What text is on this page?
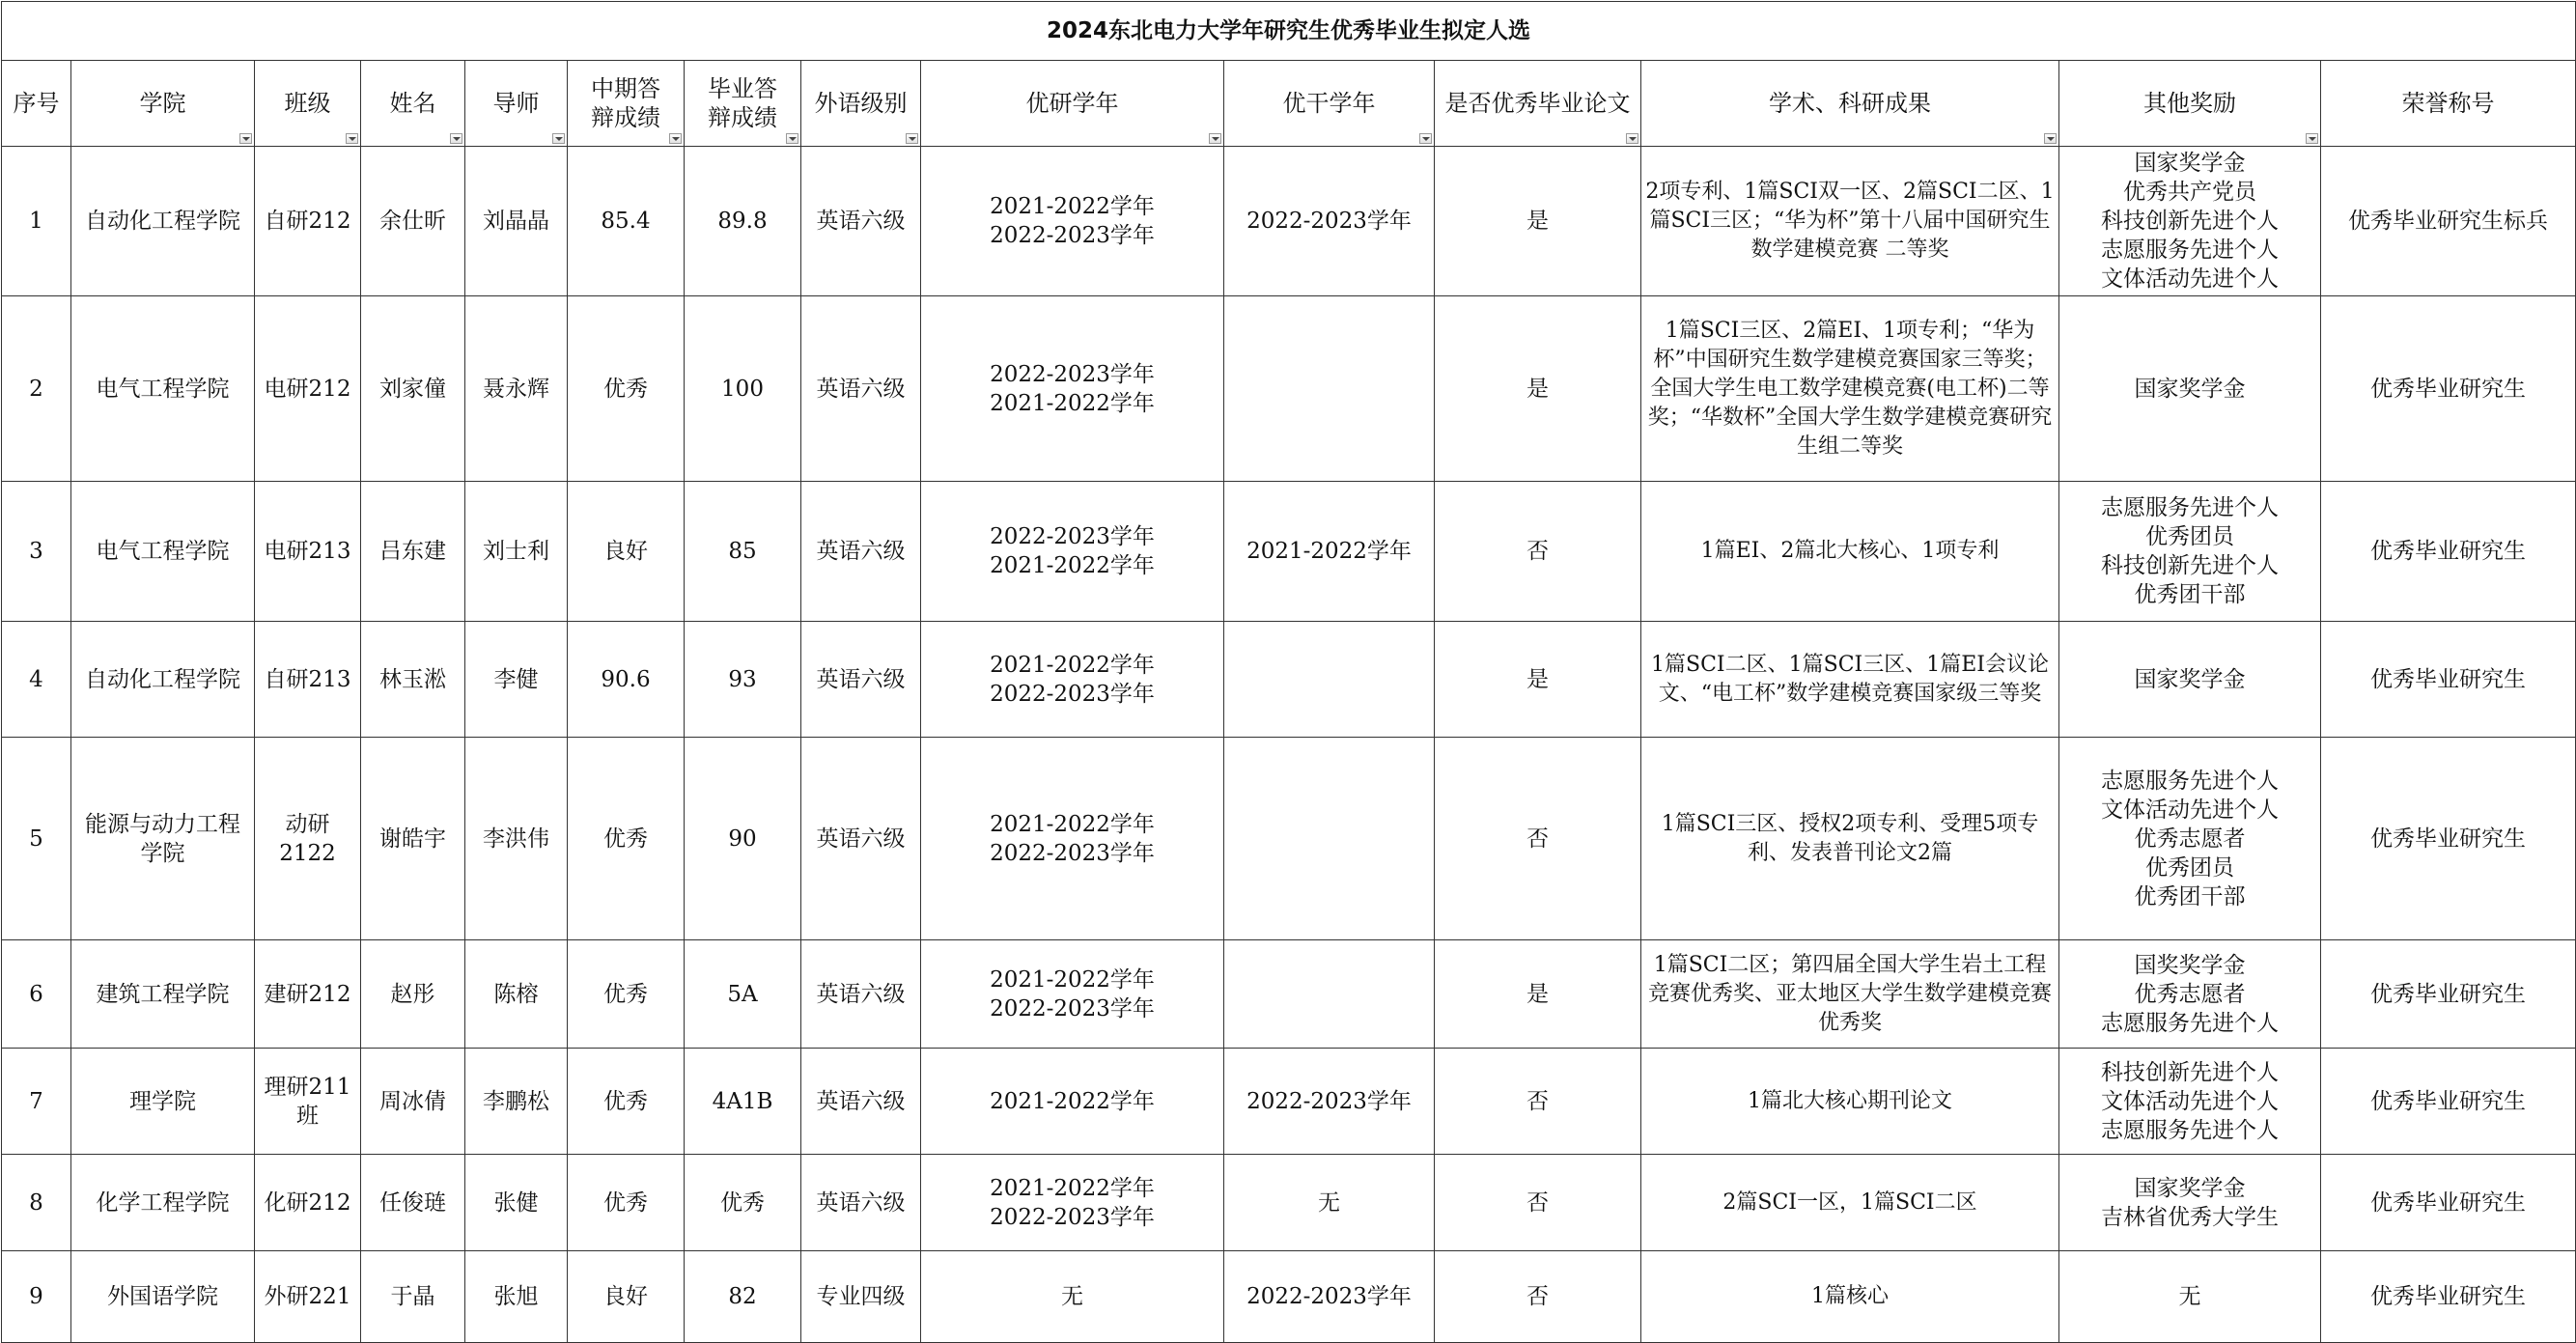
2024东北电力大学年研究生优秀毕业生拟定人选													

序号	学院	班级	姓名	导师	中期答辩成绩	毕业答辩成绩	外语级别	优研学年	优干学年	是否优秀毕业论文	学术、科研成果	其他奖励	荣誉称号

1	自动化工程学院	自研212	余仕昕	刘晶晶	85.4	89.8	英语六级	2021-2022学年
2022-2023学年	2022-2023学年	是	2项专利、1篇SCI双一区、2篇SCI二区、1篇SCI三区；“华为杯”第十八届中国研究生数学建模竞赛 二等奖	国家奖学金
优秀共产党员
科技创新先进个人
志愿服务先进个人
文体活动先进个人	优秀毕业研究生标兵

2	电气工程学院	电研212	刘家僮	聂永辉	优秀	100	英语六级	2022-2023学年
2021-2022学年		是	1篇SCI三区、2篇EI、1项专利；“华为杯”中国研究生数学建模竞赛国家三等奖；全国大学生电工数学建模竞赛(电工杯)二等奖；“华数杯”全国大学生数学建模竞赛研究生组二等奖	国家奖学金	优秀毕业研究生

3	电气工程学院	电研213	吕东建	刘士利	良好	85	英语六级	2022-2023学年
2021-2022学年	2021-2022学年	否	1篇EI、2篇北大核心、1项专利	志愿服务先进个人
优秀团员
科技创新先进个人
优秀团干部	优秀毕业研究生

4	自动化工程学院	自研213	林玉淞	李健	90.6	93	英语六级	2021-2022学年
2022-2023学年		是	1篇SCI二区、1篇SCI三区、1篇EI会议论文、“电工杯”数学建模竞赛国家级三等奖	国家奖学金	优秀毕业研究生

5	能源与动力工程学院	动研2122	谢皓宇	李洪伟	优秀	90	英语六级	2021-2022学年
2022-2023学年		否	1篇SCI三区、授权2项专利、受理5项专利、发表普刊论文2篇	志愿服务先进个人
文体活动先进个人
优秀志愿者
优秀团员
优秀团干部	优秀毕业研究生

6	建筑工程学院	建研212	赵彤	陈榕	优秀	5A	英语六级	2021-2022学年
2022-2023学年		是	1篇SCI二区；第四届全国大学生岩土工程竞赛优秀奖、亚太地区大学生数学建模竞赛优秀奖	国奖奖学金
优秀志愿者
志愿服务先进个人	优秀毕业研究生

7	理学院	理研211班	周冰倩	李鹏松	优秀	4A1B	英语六级	2021-2022学年	2022-2023学年	否	1篇北大核心期刊论文	科技创新先进个人
文体活动先进个人
志愿服务先进个人	优秀毕业研究生

8	化学工程学院	化研212	任俊琏	张健	优秀	优秀	英语六级	2021-2022学年
2022-2023学年	无	否	2篇SCI一区，1篇SCI二区	国家奖学金
吉林省优秀大学生	优秀毕业研究生

9	外国语学院	外研221	于晶	张旭	良好	82	专业四级	无	2022-2023学年	否	1篇核心	无	优秀毕业研究生
